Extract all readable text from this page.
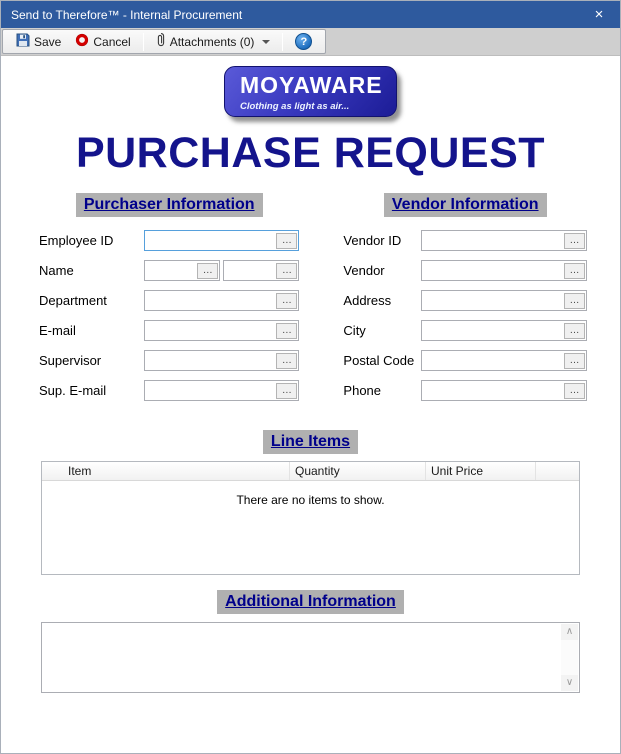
Send to Therefore™ - Internal Procurement	×
Save	Cancel	Attachments (0)	?
MOYAWARE
Clothing as light as air...
PURCHASE REQUEST
Purchaser Information
Employee ID	…
Name	…	…
Department	…
E-mail	…
Supervisor	…
Sup. E-mail	…
Vendor Information
Vendor ID	…
Vendor	…
Address	…
City	…
Postal Code	…
Phone	…
Line Items
Item	Quantity	Unit Price
There are no items to show.
Additional Information
∧
∨
